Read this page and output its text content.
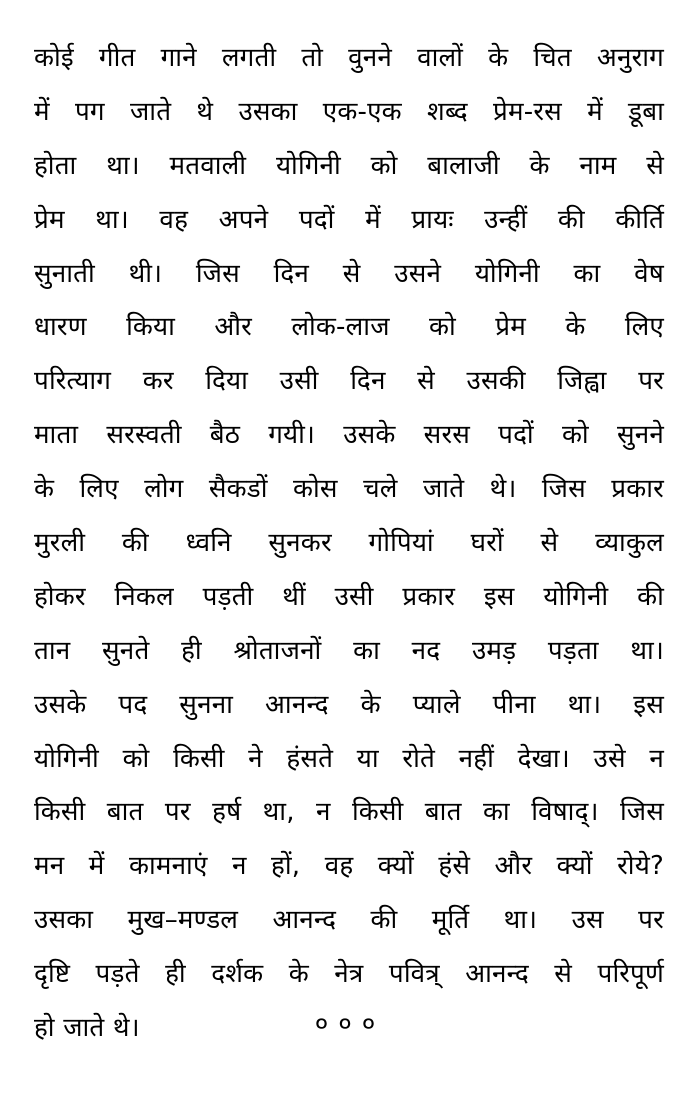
कोई गीत गाने लगती तो वुनने वालों के चित अनुराग
में पग जाते थे उसका एक-एक शब्द प्रेम-रस में डूबा
होता था। मतवाली योगिनी को बालाजी के नाम से
प्रेम था। वह अपने पदों में प्रायः उन्हीं की कीर्ति
सुनाती थी। जिस दिन से उसने योगिनी का वेष
धारण किया और लोक-लाज को प्रेम के लिए
परित्याग कर दिया उसी दिन से उसकी जिह्वा पर
माता सरस्वती बैठ गयी। उसके सरस पदों को सुनने
के लिए लोग सैकडों कोस चले जाते थे। जिस प्रकार
मुरली की ध्वनि सुनकर गोपियां घरों से व्याकुल
होकर निकल पड़ती थीं उसी प्रकार इस योगिनी की
तान सुनते ही श्रोताजनों का नद उमड़ पड़ता था।
उसके पद सुनना आनन्द के प्याले पीना था। इस
योगिनी को किसी ने हंसते या रोते नहीं देखा। उसे न
किसी बात पर हर्ष था, न किसी बात का विषाद्। जिस
मन में कामनाएं न हों, वह क्यों हंसे और क्यों रोये?
उसका मुख–मण्डल आनन्द की मूर्ति था। उस पर
दृष्टि पड़ते ही दर्शक के नेत्र पवित्र् आनन्द से परिपूर्ण
हो जाते थे।	०००
